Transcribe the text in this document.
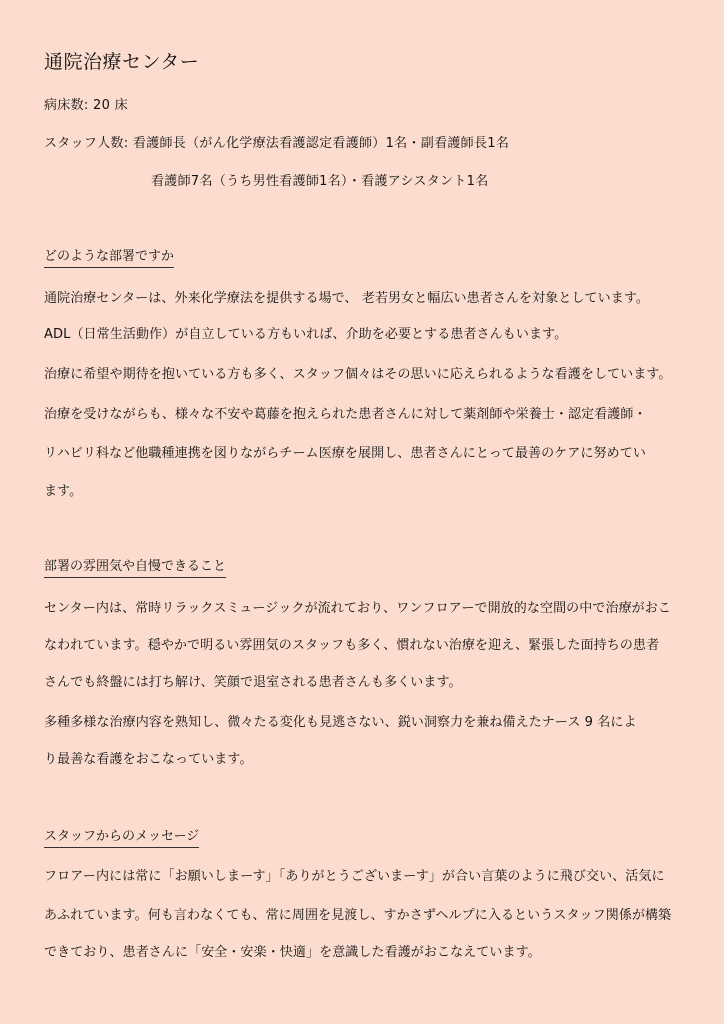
通院治療センター
病床数: 20 床
スタッフ人数: 看護師長（がん化学療法看護認定看護師）1名・副看護師長1名
看護師7名（うち男性看護師1名）・看護アシスタント1名
どのような部署ですか
通院治療センターは、外来化学療法を提供する場で、 老若男女と幅広い患者さんを対象としています。
ADL（日常生活動作）が自立している方もいれば、介助を必要とする患者さんもいます。
治療に希望や期待を抱いている方も多く、スタッフ個々はその思いに応えられるような看護をしています。
治療を受けながらも、様々な不安や葛藤を抱えられた患者さんに対して薬剤師や栄養士・認定看護師・
リハビリ科など他職種連携を図りながらチーム医療を展開し、患者さんにとって最善のケアに努めてい
ます。
部署の雰囲気や自慢できること
センター内は、常時リラックスミュージックが流れており、ワンフロアーで開放的な空間の中で治療がおこ
なわれています。穏やかで明るい雰囲気のスタッフも多く、慣れない治療を迎え、緊張した面持ちの患者
さんでも終盤には打ち解け、笑顔で退室される患者さんも多くいます。
多種多様な治療内容を熟知し、微々たる変化も見逃さない、鋭い洞察力を兼ね備えたナース 9 名によ
り最善な看護をおこなっています。
スタッフからのメッセージ
フロアー内には常に「お願いしまーす」「ありがとうございまーす」が合い言葉のように飛び交い、活気に
あふれています。何も言わなくても、常に周囲を見渡し、すかさずヘルプに入るというスタッフ関係が構築
できており、患者さんに「安全・安楽・快適」を意識した看護がおこなえています。
